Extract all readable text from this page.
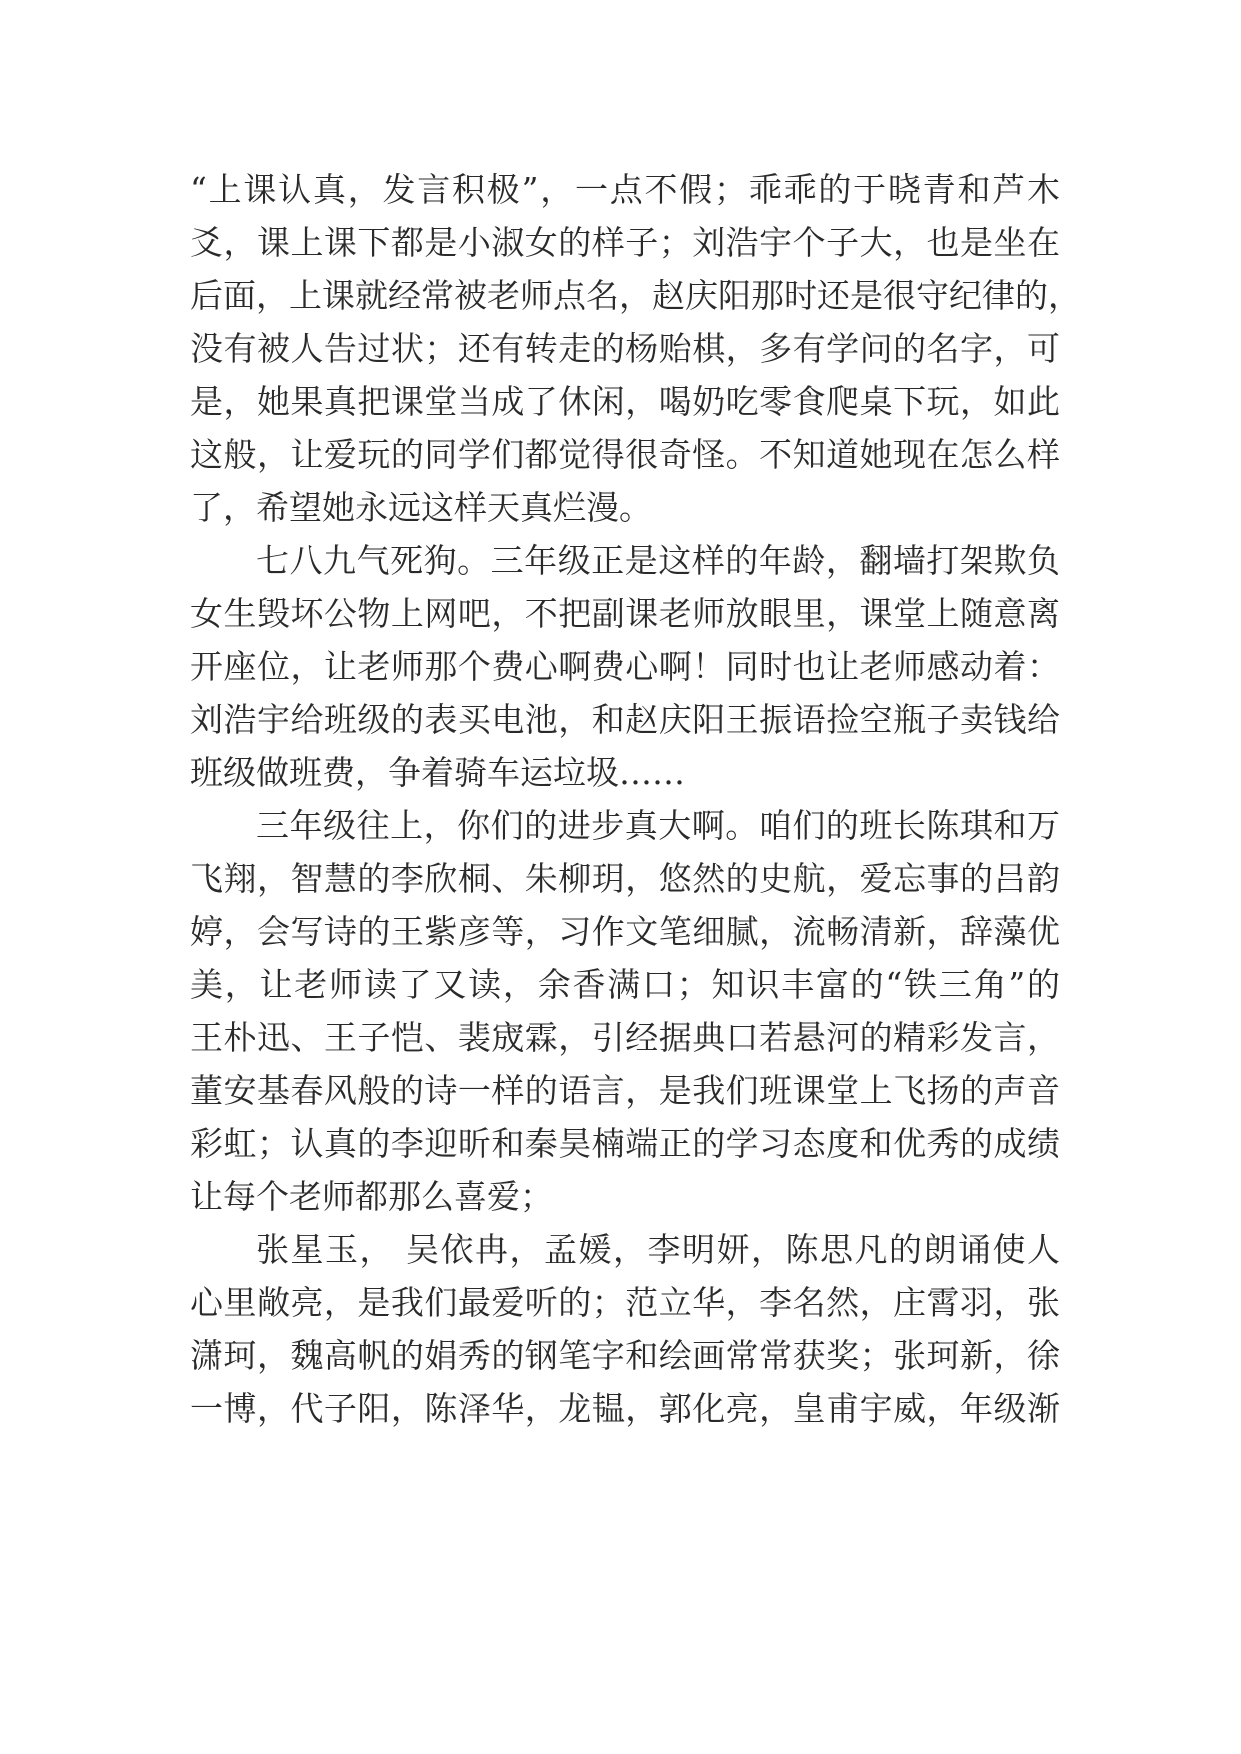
“上课认真，发言积极”，一点不假；乖乖的于晓青和芦木
爻，课上课下都是小淑女的样子；刘浩宇个子大，也是坐在
后面，上课就经常被老师点名，赵庆阳那时还是很守纪律的，
没有被人告过状；还有转走的杨贻棋，多有学问的名字，可
是，她果真把课堂当成了休闲，喝奶吃零食爬桌下玩，如此
这般，让爱玩的同学们都觉得很奇怪。不知道她现在怎么样
了，希望她永远这样天真烂漫。
七八九气死狗。三年级正是这样的年龄，翻墙打架欺负
女生毁坏公物上网吧，不把副课老师放眼里，课堂上随意离
开座位，让老师那个费心啊费心啊！同时也让老师感动着：
刘浩宇给班级的表买电池，和赵庆阳王振语捡空瓶子卖钱给
班级做班费，争着骑车运垃圾……
三年级往上，你们的进步真大啊。咱们的班长陈琪和万
飞翔，智慧的李欣桐、朱柳玥，悠然的史航，爱忘事的吕韵
婷，会写诗的王紫彦等，习作文笔细腻，流畅清新，辞藻优
美，让老师读了又读，余香满口；知识丰富的“铁三角”的
王朴迅、王子恺、裴宬霖，引经据典口若悬河的精彩发言，
董安基春风般的诗一样的语言，是我们班课堂上飞扬的声音
彩虹；认真的李迎昕和秦昊楠端正的学习态度和优秀的成绩
让每个老师都那么喜爱；
张星玉， 吴依冉，孟媛，李明妍，陈思凡的朗诵使人
心里敞亮，是我们最爱听的；范立华，李名然，庄霄羽，张
潇珂，魏高帆的娟秀的钢笔字和绘画常常获奖；张珂新，徐
一博，代子阳，陈泽华，龙韫，郭化亮，皇甫宇威，年级渐
